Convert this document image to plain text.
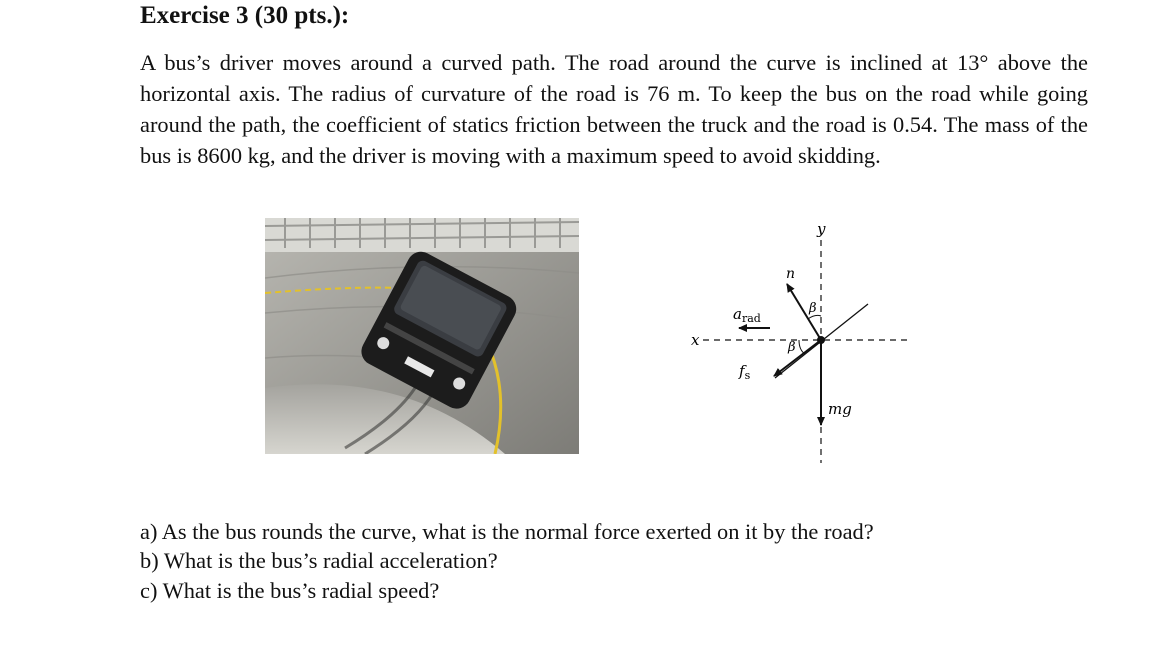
Exercise 3 (30 pts.):

A bus’s driver moves around a curved path. The road around the curve is inclined at 13° above the horizontal axis. The radius of curvature of the road is 76 m. To keep the bus on the road while going around the path, the coefficient of statics friction between the truck and the road is 0.54. The mass of the bus is 8600 kg, and the driver is moving with a maximum speed to avoid skidding.

y
n
β
$a_{rad}$
x	β
$f_s$
mg

a) As the bus rounds the curve, what is the normal force exerted on it by the road?

b) What is the bus’s radial acceleration?

c) What is the bus’s radial speed?
